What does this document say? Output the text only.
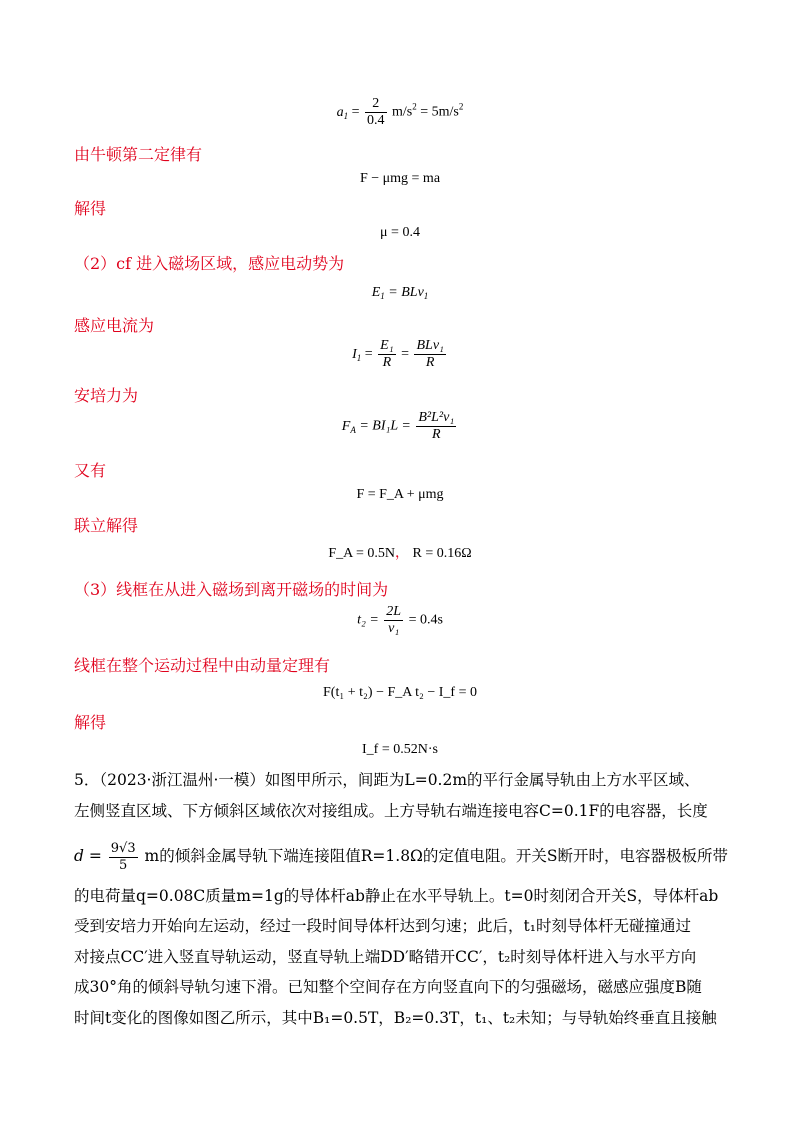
$a_1 = \frac{2}{0.4} m/s^2 = 5m/s^2$
由牛顿第二定律有
F − μmg = ma
解得
μ = 0.4
（2）cf 进入磁场区域，感应电动势为
$E_1 = BLv_1$
感应电流为
$I_1 = \frac{\text{E₁}}{R} = \frac{\text{BLv₁}}{R}$
安培力为
$F_A = BI_1L = \frac{\text{B²L²v₁}}{R}$
又有
F = F_A + μmg
联立解得
F_A = 0.5N， R = 0.16Ω
（3）线框在从进入磁场到离开磁场的时间为
$t_2 = \frac{2L}{\text{v₁}} = 0.4s$
线框在整个运动过程中由动量定理有
F(t₁ + t₂) − F_A t₂ − I_f = 0
解得
I_f = 0.52N·s
5．（2023·浙江温州·一模）如图甲所示，间距为L=0.2m的平行金属导轨由上方水平区域、
左侧竖直区域、下方倾斜区域依次对接组成。上方导轨右端连接电容C=0.1F的电容器，长度
$d = \frac{9√3}{5}$ m的倾斜金属导轨下端连接阻值R=1.8Ω的定值电阻。开关S断开时，电容器极板所带
的电荷量q=0.08C质量m=1g的导体杆ab静止在水平导轨上。t=0时刻闭合开关S，导体杆ab
受到安培力开始向左运动，经过一段时间导体杆达到匀速；此后，t₁时刻导体杆无碰撞通过
对接点CC′进入竖直导轨运动，竖直导轨上端DD′略错开CC′，t₂时刻导体杆进入与水平方向
成30°角的倾斜导轨匀速下滑。已知整个空间存在方向竖直向下的匀强磁场，磁感应强度B随
时间t变化的图像如图乙所示，其中B₁=0.5T，B₂=0.3T，t₁、t₂未知；与导轨始终垂直且接触
